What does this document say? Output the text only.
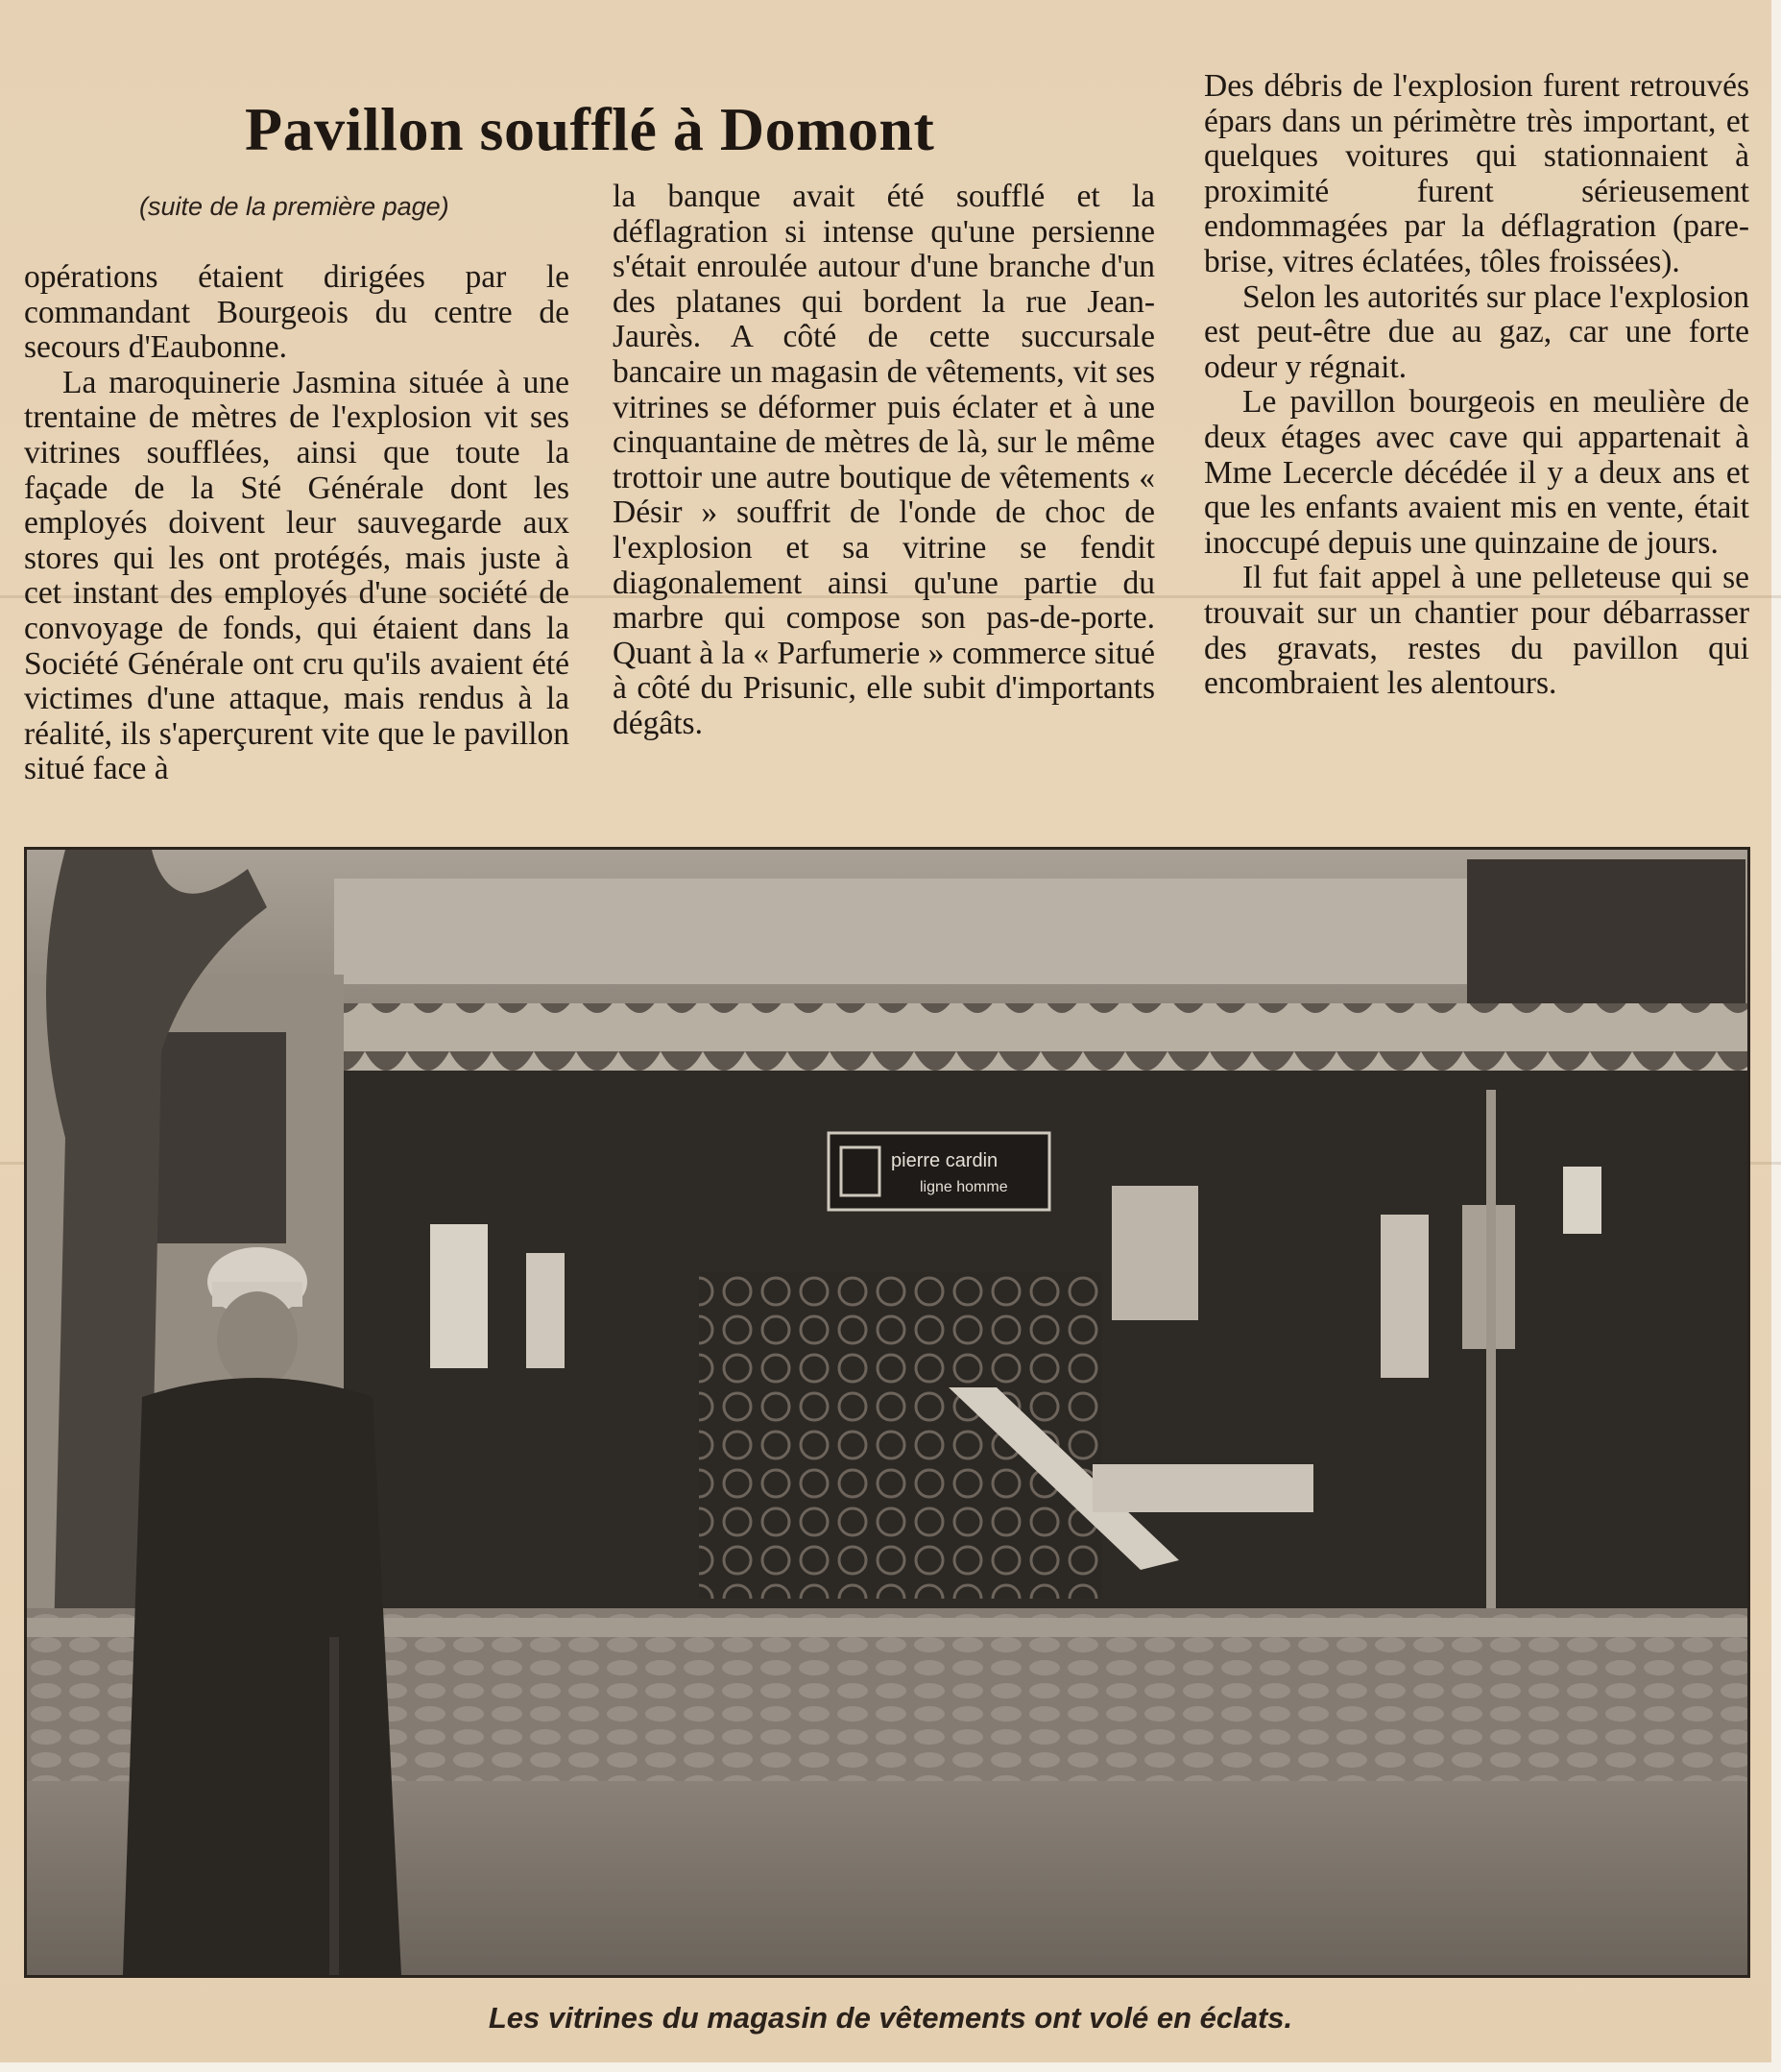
Pavillon soufflé à Domont
(suite de la première page)

opérations étaient dirigées par le commandant Bourgeois du centre de secours d'Eaubonne.

La maroquinerie Jasmina située à une trentaine de mètres de l'explosion vit ses vitrines soufflées, ainsi que toute la façade de la Sté Générale dont les employés doivent leur sauvegarde aux stores qui les ont protégés, mais juste à cet instant des employés d'une société de convoyage de fonds, qui étaient dans la Société Générale ont cru qu'ils avaient été victimes d'une attaque, mais rendus à la réalité, ils s'aperçurent vite que le pavillon situé face à

la banque avait été soufflé et la déflagration si intense qu'une persienne s'était enroulée autour d'une branche d'un des platanes qui bordent la rue Jean-Jaurès. A côté de cette succursale bancaire un magasin de vêtements, vit ses vitrines se déformer puis éclater et à une cinquantaine de mètres de là, sur le même trottoir une autre boutique de vêtements « Désir » souffrit de l'onde de choc de l'explosion et sa vitrine se fendit diagonalement ainsi qu'une partie du marbre qui compose son pas-de-porte. Quant à la « Parfumerie » commerce situé à côté du Prisunic, elle subit d'importants dégâts.

Des débris de l'explosion furent retrouvés épars dans un périmètre très important, et quelques voitures qui stationnaient à proximité furent sérieusement endommagées par la déflagration (pare-brise, vitres éclatées, tôles froissées).

Selon les autorités sur place l'explosion est peut-être due au gaz, car une forte odeur y régnait.

Le pavillon bourgeois en meulière de deux étages avec cave qui appartenait à Mme Lecercle décédée il y a deux ans et que les enfants avaient mis en vente, était inoccupé depuis une quinzaine de jours.

Il fut fait appel à une pelleteuse qui se trouvait sur un chantier pour débarrasser des gravats, restes du pavillon qui encombraient les alentours.

pierre cardin
ligne homme
Les vitrines du magasin de vêtements ont volé en éclats.
